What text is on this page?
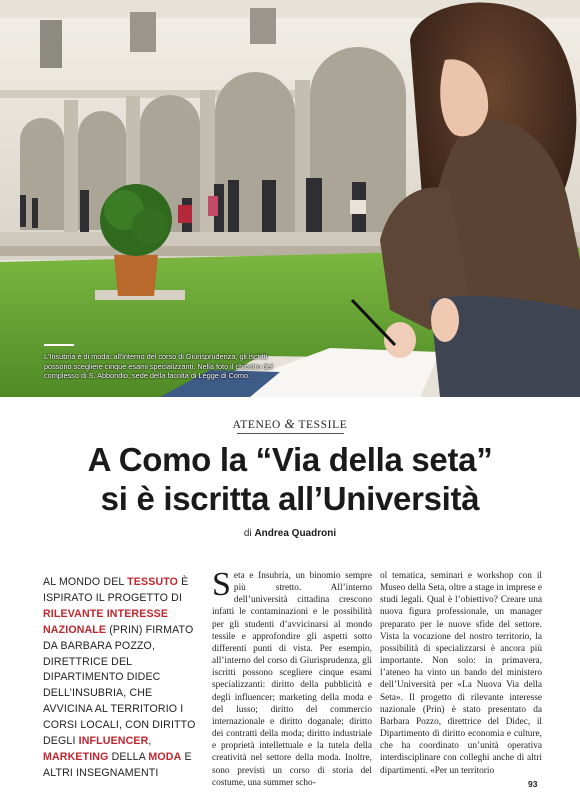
L'Insubria è di moda: all'interno del corso di Giurisprudenza, gli iscritti possono scegliere cinque esami specializzanti. Nella foto il chiostro del complesso di S. Abbondio, sede della facoltà di Legge di Como.
ATENEO & TESSILE
A Como la “Via della seta”
si è iscritta all’Università
di Andrea Quadroni
AL MONDO DEL TESSUTO È ISPIRATO IL PROGETTO DI RILEVANTE INTERESSE NAZIONALE (PRIN) FIRMATO DA BARBARA POZZO, DIRETTRICE DEL DIPARTIMENTO DIDEC DELL’INSUBRIA, CHE AVVICINA AL TERRITORIO I CORSI LOCALI, CON DIRITTO DEGLI INFLUENCER, MARKETING DELLA MODA E ALTRI INSEGNAMENTI
Seta e Insubria, un binomio sempre più stretto. All’interno dell’università cittadina crescono infatti le contaminazioni e le possibilità per gli studenti d’avvicinarsi al mondo tessile e approfondire gli aspetti sotto differenti punti di vista. Per esempio, all’interno del corso di Giurisprudenza, gli iscritti possono scegliere cinque esami specializzanti: diritto della pubblicità e degli influencer; marketing della moda e del lusso; diritto del commercio internazionale e diritto doganale; diritto dei contratti della moda; diritto industriale e proprietà intellettuale e la tutela della creatività nel settore della moda. Inoltre, sono previsti un corso di storia del costume, una summer scho-
ol tematica, seminari e workshop con il Museo della Seta, oltre a stage in imprese e studi legali. Qual è l’obiettivo? Creare una nuova figura professionale, un manager preparato per le nuove sfide del settore. Vista la vocazione del nostro territorio, la possibilità di specializzarsi è ancora più importante. Non solo: in primavera, l’ateneo ha vinto un bando del ministero dell’Università per «La Nuova Via della Seta». Il progetto di rilevante interesse nazionale (Prin) è stato presentato da Barbara Pozzo, direttrice del Didec, il Dipartimento di diritto economia e culture, che ha coordinato un’unità operativa interdisciplinare con colleghi anche di altri dipartimenti. «Per un territorio
93
